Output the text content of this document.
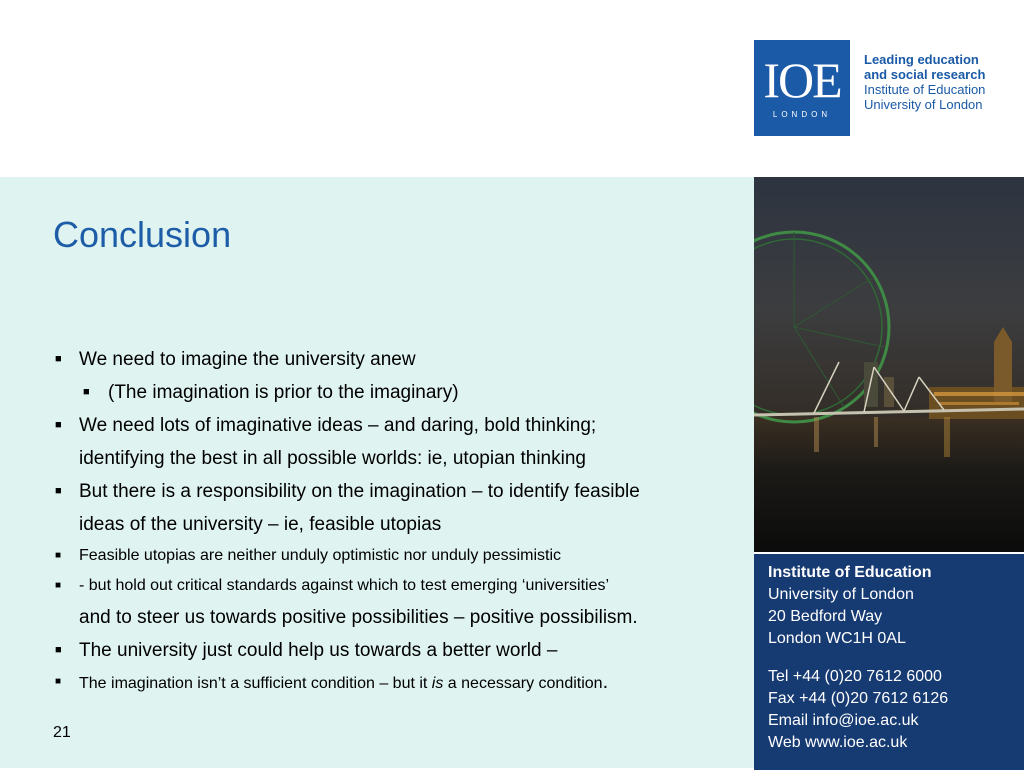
IOE
LONDON
Leading education
and social research
Institute of Education
University of London
Conclusion
■ We need to imagine the university anew
■ (The imagination is prior to the imaginary)
■ We need lots of imaginative ideas – and daring, bold thinking;
identifying the best in all possible worlds: ie, utopian thinking
■ But there is a responsibility on the imagination – to identify feasible
ideas of the university – ie, feasible utopias
■ Feasible utopias are neither unduly optimistic nor unduly pessimistic
■ - but hold out critical standards against which to test emerging ‘universities’
and to steer us towards positive possibilities – positive possibilism.
■ The university just could help us towards a better world –
■ The imagination isn’t a sufficient condition – but it is a necessary condition.
21
Institute of Education
University of London
20 Bedford Way
London WC1H 0AL
Tel +44 (0)20 7612 6000
Fax +44 (0)20 7612 6126
Email info@ioe.ac.uk
Web www.ioe.ac.uk
